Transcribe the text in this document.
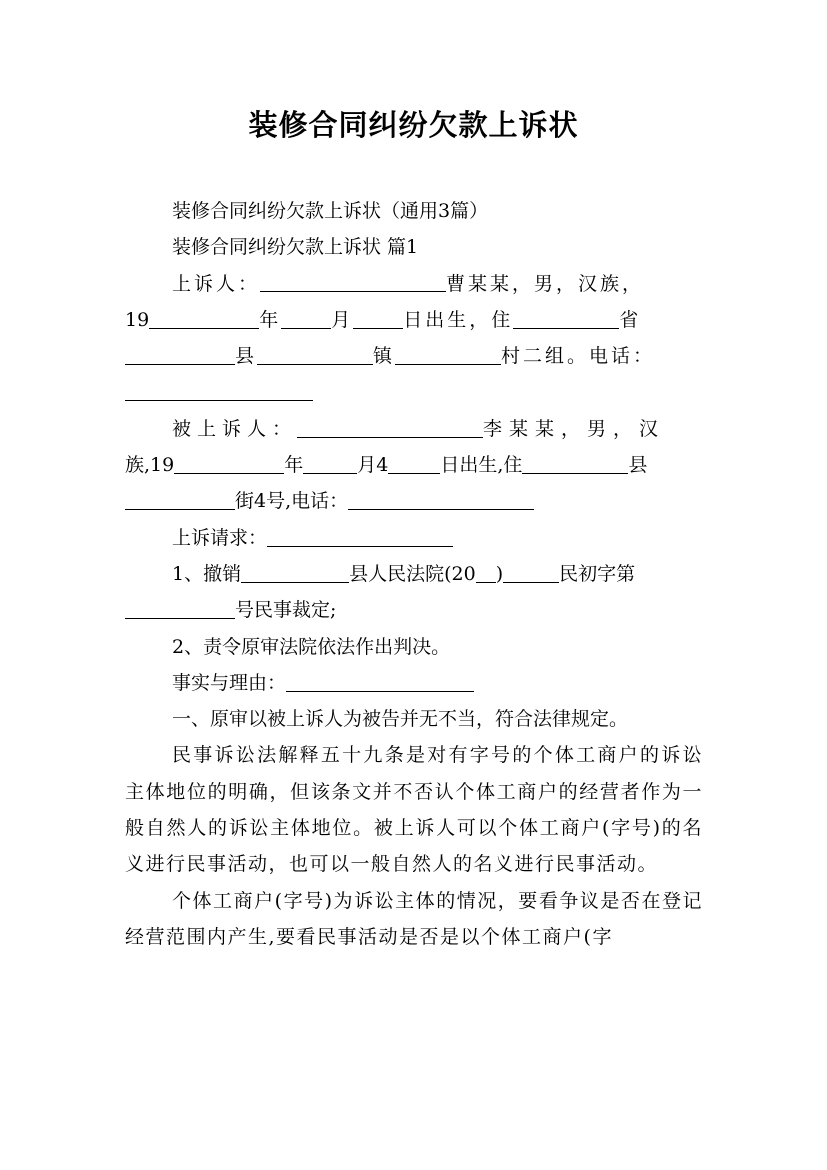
装修合同纠纷欠款上诉状

装修合同纠纷欠款上诉状（通用3篇）

装修合同纠纷欠款上诉状 篇1

上诉人：	曹某某，男，汉族，
19	年	月	日出生，住	省
县	镇	村二组。电话：

被上诉人：	李某某，男，汉
族,19	年	月4	日出生,住	县
街4号,电话：

上诉请求：

1、撤销	县人民法院(20 )	民初字第
号民事裁定;

2、责令原审法院依法作出判决。

事实与理由：

一、原审以被上诉人为被告并无不当，符合法律规定。

民事诉讼法解释五十九条是对有字号的个体工商户的诉讼主体地位的明确，但该条文并不否认个体工商户的经营者作为一般自然人的诉讼主体地位。被上诉人可以个体工商户(字号)的名义进行民事活动，也可以一般自然人的名义进行民事活动。

个体工商户(字号)为诉讼主体的情况，要看争议是否在登记经营范围内产生,要看民事活动是否是以个体工商户(字
